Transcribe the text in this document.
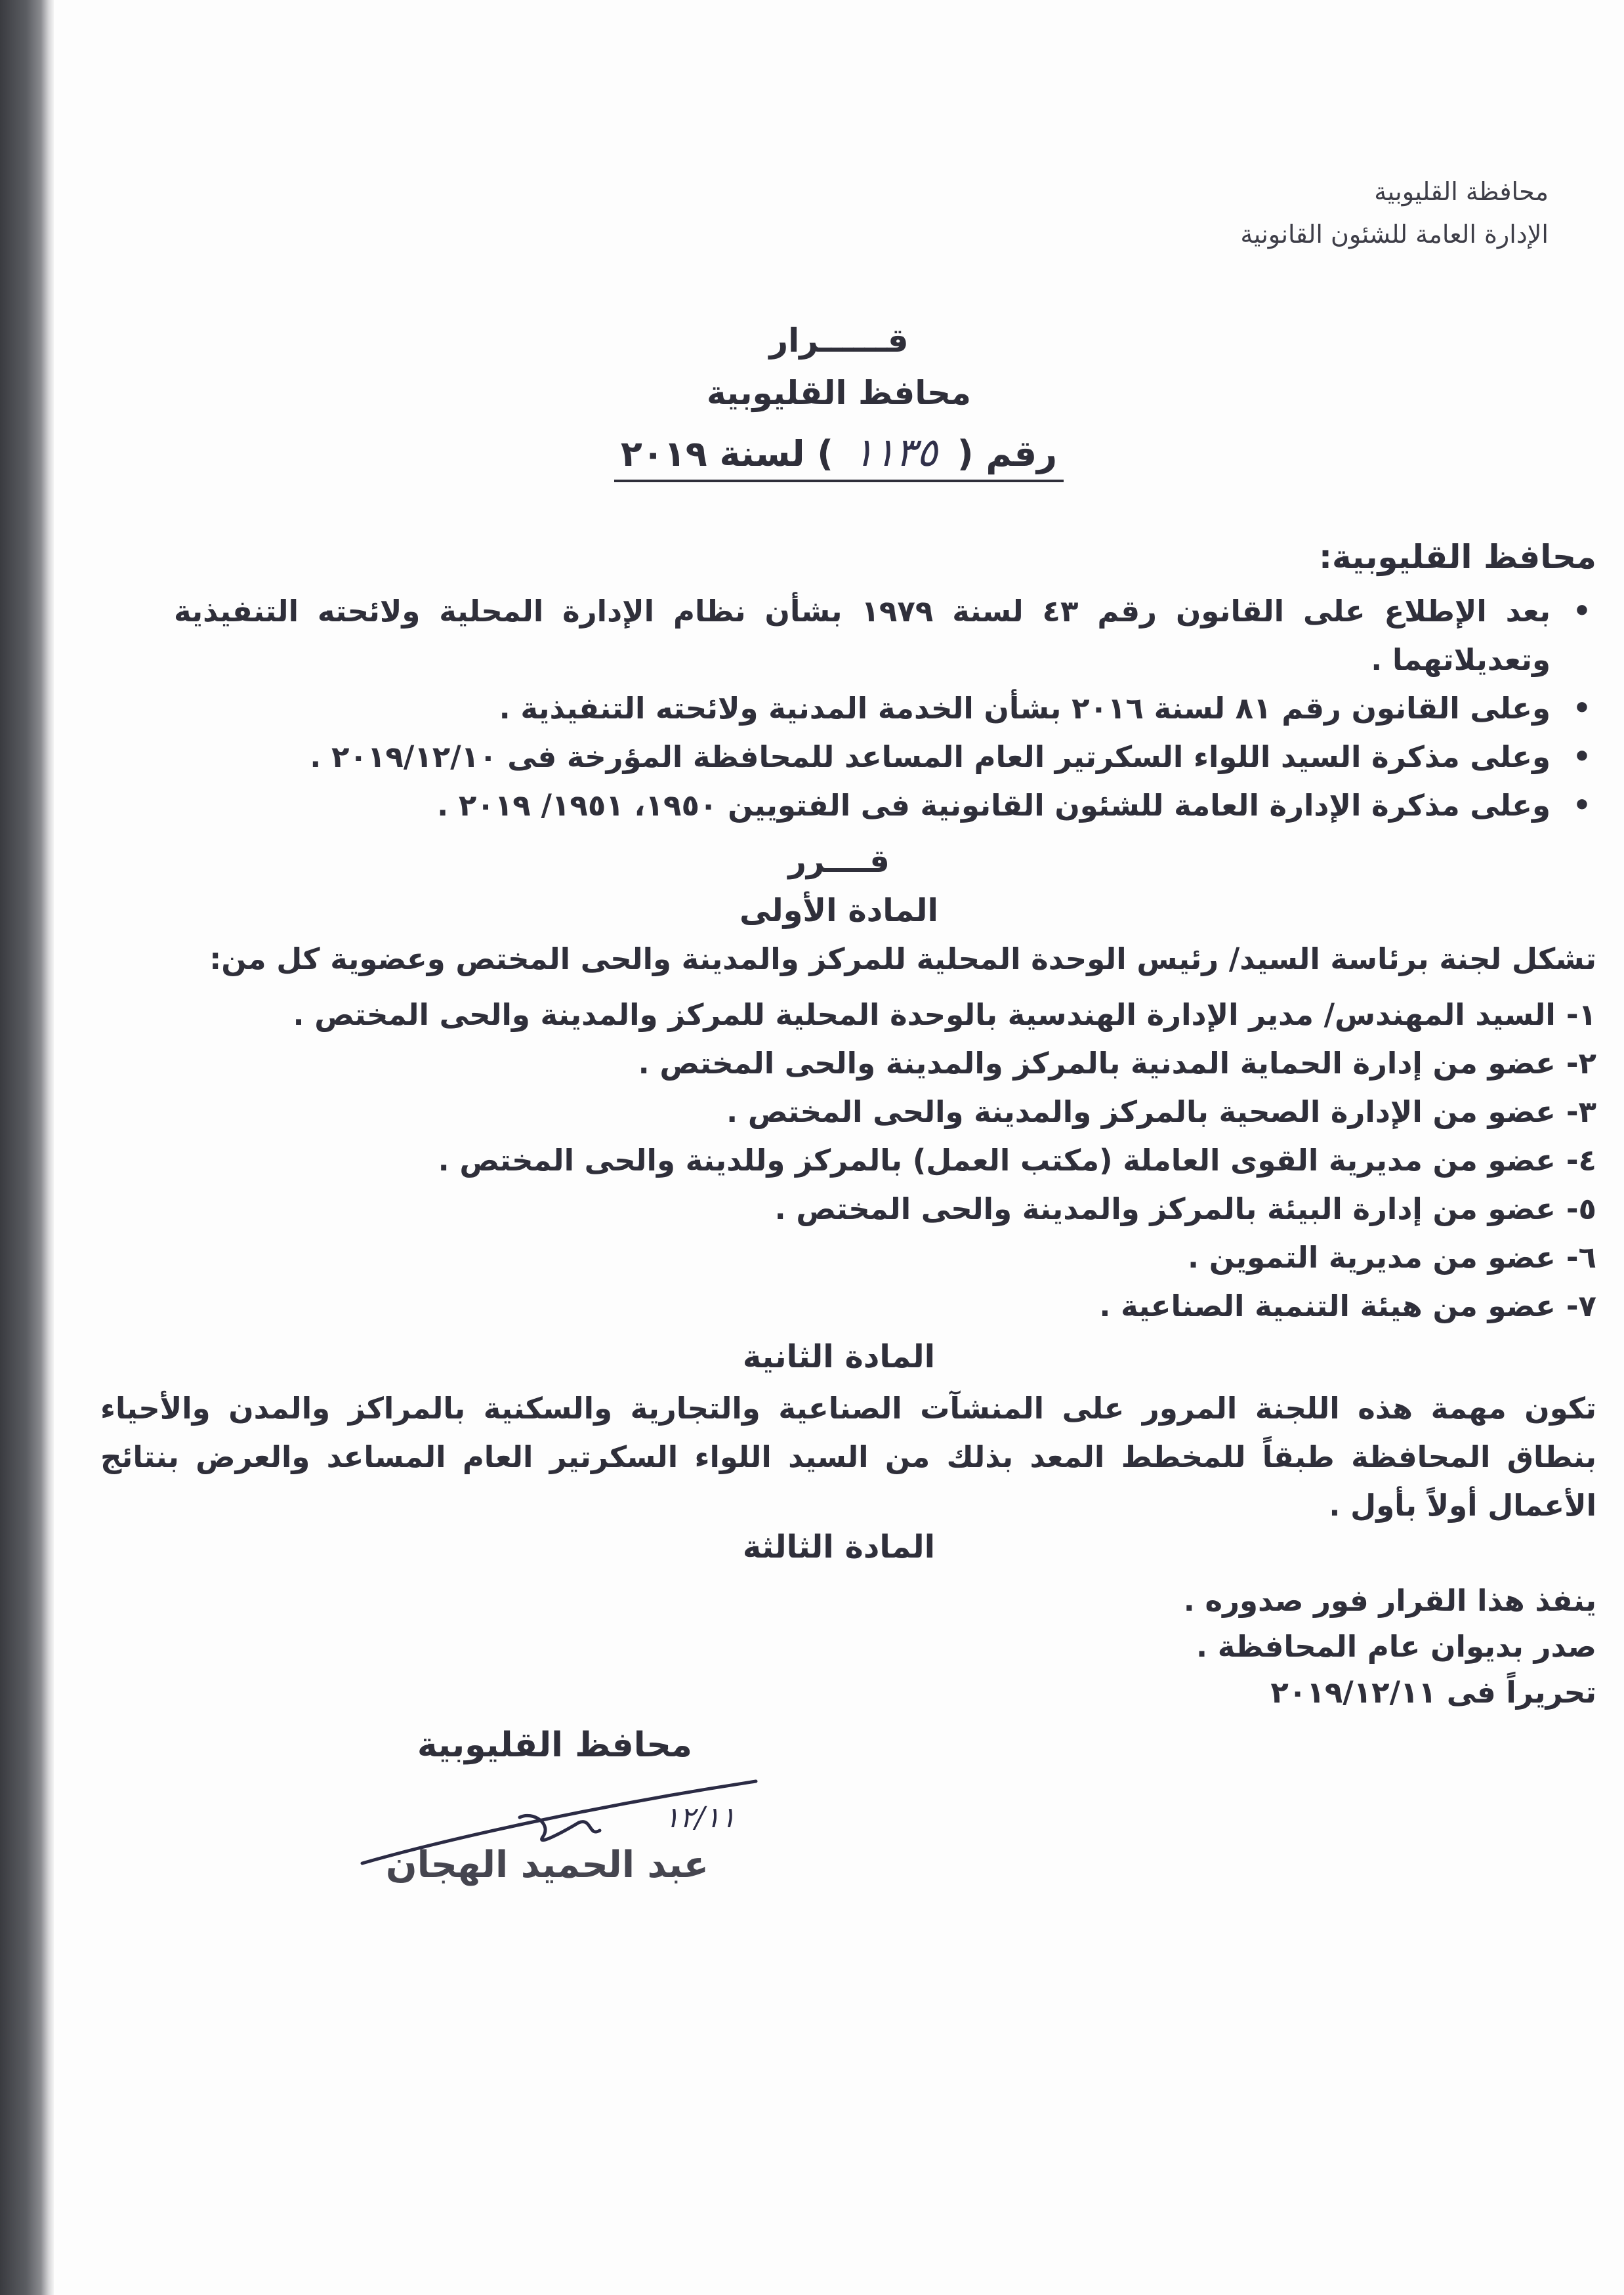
محافظة القليوبية
الإدارة العامة للشئون القانونية
قــــــرار
محافظ القليوبية
رقم (١١٣٥) لسنة ٢٠١٩
محافظ القليوبية:
• بعد الإطلاع على القانون رقم ٤٣ لسنة ١٩٧٩ بشأن نظام الإدارة المحلية ولائحته التنفيذية وتعديلاتهما .
• وعلى القانون رقم ٨١ لسنة ٢٠١٦ بشأن الخدمة المدنية ولائحته التنفيذية .
• وعلى مذكرة السيد اللواء السكرتير العام المساعد للمحافظة المؤرخة فى ٢٠١٩/١٢/١٠ .
• وعلى مذكرة الإدارة العامة للشئون القانونية فى الفتويين ١٩٥٠، ١٩٥١/ ٢٠١٩ .
قــــرر
المادة الأولى
تشكل لجنة برئاسة السيد/ رئيس الوحدة المحلية للمركز والمدينة والحى المختص وعضوية كل من:
١-السيد المهندس/ مدير الإدارة الهندسية بالوحدة المحلية للمركز والمدينة والحى المختص .
٢-عضو من إدارة الحماية المدنية بالمركز والمدينة والحى المختص .
٣-عضو من الإدارة الصحية بالمركز والمدينة والحى المختص .
٤-عضو من مديرية القوى العاملة (مكتب العمل) بالمركز وللدينة والحى المختص .
٥-عضو من إدارة البيئة بالمركز والمدينة والحى المختص .
٦-عضو من مديرية التموين .
٧-عضو من هيئة التنمية الصناعية .
المادة الثانية
تكون مهمة هذه اللجنة المرور على المنشآت الصناعية والتجارية والسكنية بالمراكز والمدن والأحياء بنطاق المحافظة طبقاً للمخطط المعد بذلك من السيد اللواء السكرتير العام المساعد والعرض بنتائج الأعمال أولاً بأول .
المادة الثالثة
ينفذ هذا القرار فور صدوره .
صدر بديوان عام المحافظة .
تحريراً فى ٢٠١٩/١٢/١١
محافظ القليوبية
١٢/١١
عبد الحميد الهجان
